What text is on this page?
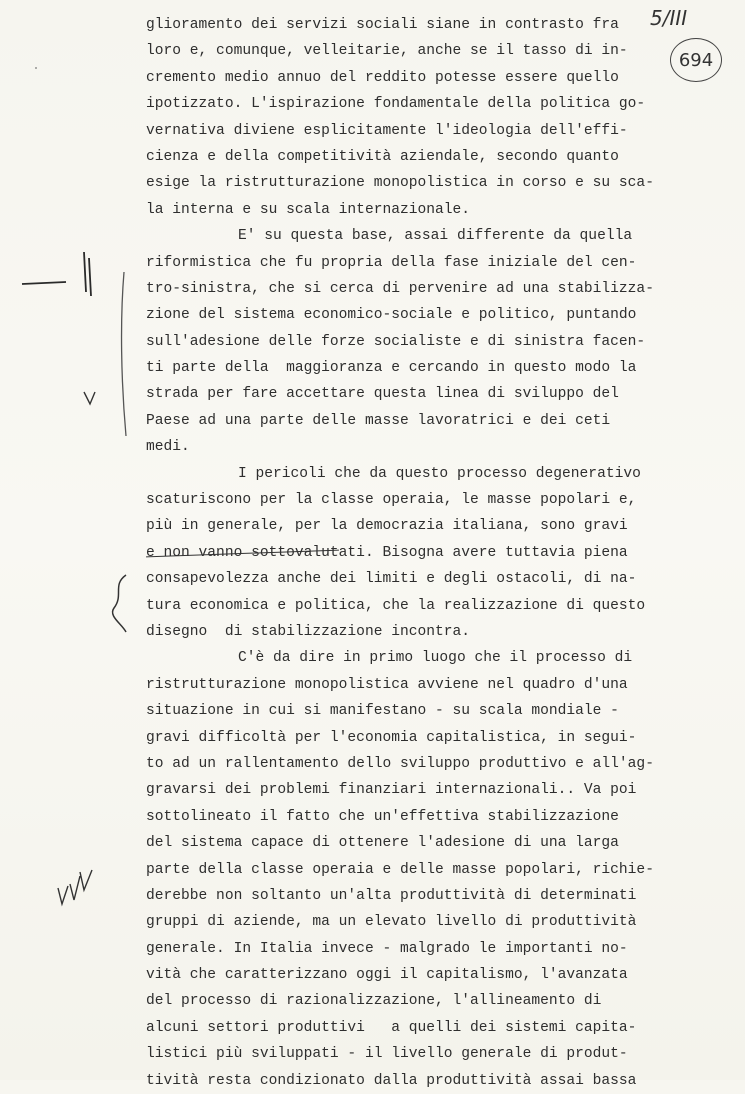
5/III
694
glioramento dei servizi sociali siane in contrasto fra
loro e, comunque, velleitarie, anche se il tasso di in-
cremento medio annuo del reddito potesse essere quello
ipotizzato. L'ispirazione fondamentale della politica go-
vernativa diviene esplicitamente l'ideologia dell'effi-
cienza e della competitività aziendale, secondo quanto
esige la ristrutturazione monopolistica in corso e su sca-
la interna e su scala internazionale.
E' su questa base, assai differente da quella
riformistica che fu propria della fase iniziale del cen-
tro-sinistra, che si cerca di pervenire ad una stabilizza-
zione del sistema economico-sociale e politico, puntando
sull'adesione delle forze socialiste e di sinistra facen-
ti parte della  maggioranza e cercando in questo modo la
strada per fare accettare questa linea di sviluppo del
Paese ad una parte delle masse lavoratrici e dei ceti
medi.
I pericoli che da questo processo degenerativo
scaturiscono per la classe operaia, le masse popolari e,
più in generale, per la democrazia italiana, sono gravi
e non vanno sottovalutati. Bisogna avere tuttavia piena
consapevolezza anche dei limiti e degli ostacoli, di na-
tura economica e politica, che la realizzazione di questo
disegno  di stabilizzazione incontra.
C'è da dire in primo luogo che il processo di
ristrutturazione monopolistica avviene nel quadro d'una
situazione in cui si manifestano - su scala mondiale -
gravi difficoltà per l'economia capitalistica, in segui-
to ad un rallentamento dello sviluppo produttivo e all'ag-
gravarsi dei problemi finanziari internazionali.. Va poi
sottolineato il fatto che un'effettiva stabilizzazione
del sistema capace di ottenere l'adesione di una larga
parte della classe operaia e delle masse popolari, richie-
derebbe non soltanto un'alta produttività di determinati
gruppi di aziende, ma un elevato livello di produttività
generale. In Italia invece - malgrado le importanti no-
vità che caratterizzano oggi il capitalismo, l'avanzata
del processo di razionalizzazione, l'allineamento di
alcuni settori produttivi   a quelli dei sistemi capita-
listici più sviluppati - il livello generale di produt-
tività resta condizionato dalla produttività assai bassa
